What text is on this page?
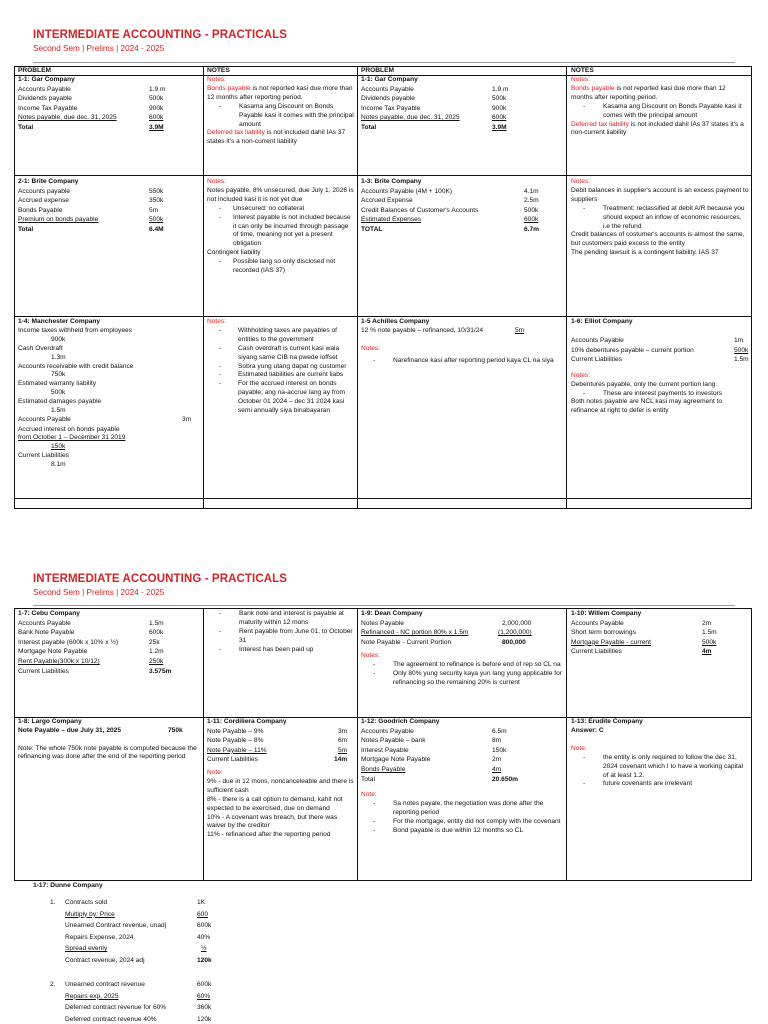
INTERMEDIATE ACCOUNTING - PRACTICALS
Second Sem | Prelims | 2024 - 2025
PROBLEM	NOTES	PROBLEM	NOTES
1-1: Gar Company
Accounts Payable	1.9 m
Dividends payable	500k
Income Tax Payable	900k
Notes payable, due dec. 31, 2025	600k
Total	3.9M
Notes:
Bonds payable is not reported kasi due more than 12 months after reporting period.
- Kasama ang Discount on Bonds Payable kasi it comes with the principal amount
Deferred tax liability is not included dahil IAs 37 states it's a non-current liability
1-1: Gar Company
Accounts Payable	1.9 m
Dividends payable	500k
Income Tax Payable	900k
Notes payable, due dec. 31, 2025	600k
Total	3.9M
Notes:
Bonds payable is not reported kasi due more than 12 months after reporting period.
- Kasama ang Discount on Bonds Payable kasi it comes with the principal amount
Deferred tax liability is not included dahil IAs 37 states it's a non-current liability
2-1: Brite Company
Accounts payable	550k
Accrued expense	350k
Bonds Payable	5m
Premium on bonds payable	500k
Total	6.4M
Notes:
Notes payable, 8% unsecured, due July 1, 2026 is not included kasi it is not yet due
- Unsecured: no collateral
- Interest payable is not included because it can only be incurred through passage of time, meaning not yet a present obligation
Contingent liability
- Possible lang so only disclosed not recorded (IAS 37)
1-3: Brite Company
Accounts Payable (4M + 100K)	4.1m
Accrued Expense	2.5m
Credit Balances of Customer's Accounts	500k
Estimated Expenses	600k
TOTAL	6.7m
Notes:
Debit balances in supplier's account is an excess payment to suppliers
- Treatment: reclassified at debit A/R because you should expect an inflow of economic resources, i.e the refund
Credit balances of costumer's accounts is almost the same, but customers paid excess to the entity
The pending lawsuit is a contingent liability. IAS 37
1-4: Manchester Company
Income taxes withheld from employees
900k
Cash Overdraft
1.3m
Accounts receivable with credit balance
750k
Estimated warranty liability
500k
Estimated damages payable
1.5m
Accounts Payable	3m
Accrued interest on bonds payable
from October 1 – December 31 2019
150k
Current Liabilities
8.1m
Notes:
- Withholding taxes are payables of entities to the government
- Cash overdraft is current kasi wala siyang same CIB na pwede ioffset
- Sobra yung utang dapat ng customer
- Estimated liabilities are current liabs
- For the accrued interest on bonds payable, ang na-accrue lang ay from October 01 2024 – dec 31 2024 kasi semi annually siya binabayaran
1-5 Achilles Company
12 % note payable – refinanced, 10/31/24	5m
Notes:
- Narefinance kasi after reporting period kaya CL na siya
1-6: Elliot Company
Accounts Payable	1m
10% debentures payable – current portion	500k
Current Liabilities	1.5m
Notes:
Debentures payable, only the current portion lang
- These are interest payments to investors
Both notes payable are NCL kasi may agreement to refinance at right to defer is entity
INTERMEDIATE ACCOUNTING - PRACTICALS
Second Sem | Prelims | 2024 - 2025
1-7: Cebu Company
Accounts Payable	1.5m
Bank Note Payable	600k
Interest payable (600k x 10% x ½)	25k
Mortgage Note Payable	1.2m
Rent Payable(300k x 10/12)	250k
Current Liabilities	3.575m
- Bank note and interest is payable at maturity within 12 mons
- Rent payable from June 01, to October 31
- Interest has been paid up
1-9: Dean Company
Notes Payable	2,000,000
Refinanced - NC portion 80% x 1.5m	(1,200,000)
Note Payable - Current Portion	800,000
Notes:
- The agreement to refinance is before end of rep so CL na
- Only 80% yung security kaya yun lang yung applicable for refinancing so the remaining 20% is current
1-10: Willem Company
Accounts Payable	2m
Short term borrowings	1.5m
Mortgage Payable - current	500k
Current Liabilities	4m
1-8: Largo Company
Note Payable – due July 31, 2025	750k
Note: The whole 750k note payable is computed because the refinancing was done after the end of the reporting period
1-11: Cordiliera Company
Note Payable – 9%	3m
Note Payable – 8%	6m
Note Payable – 11%	5m
Current Liabilities	14m
Note:
9% - due in 12 mons, noncanceleable and there is sufficient cash
8% - there is a call option to demand, kahit not expected to be exercised, due on demand
10% - A covenant was breach, but there was waiver by the creditor
11% - refinanced after the reporting period
1-12: Goodrich Company
Accounts Payable	6.5m
Notes Payable – bank	8m
Interest Payable	150k
Mortgage Note Payable	2m
Bonds Payable	4m
Total	20.650m
Note:
- Sa notes payale, the negotiation was done after the reporting period
- For the mortgage, entity did not comply with the covenant
- Bond payable is due within 12 months so CL
1-13: Erudite Company
Answer: C
Note:
- the entity is only required to follow the dec 31, 2024 covenant which I to have a working capital of at least 1.2.
- future covenants are irrelevant
1-17: Dunne Company
1. Contracts sold	1K
Multiply by: Price	600
Unearned Contract revenue, unadj	600k
Repairs Expense, 2024	40%
Spread evenly	½
Contract revenue, 2024 adj	120k
2. Unearned contract revenue	600k
Repairs exp, 2025	60%
Deferred contract revenue for 60%	360k
Deferred contract revenue 40%	120k
